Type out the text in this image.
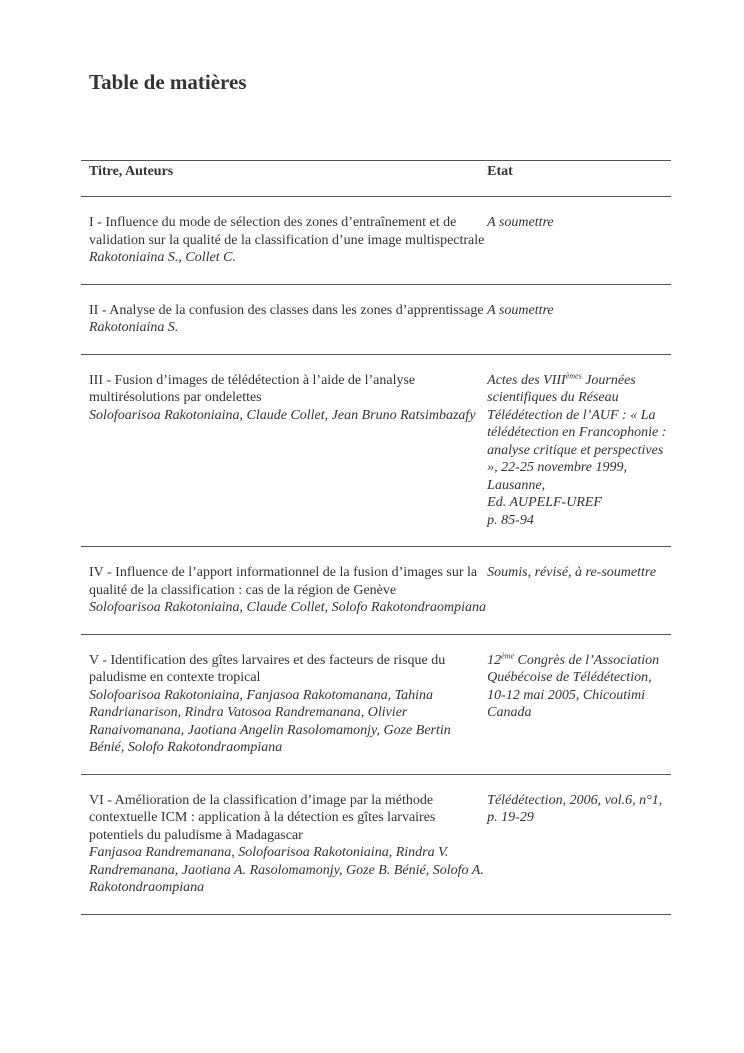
Table de matières
Titre, Auteurs	Etat

I - Influence du mode de sélection des zones d’entraînement et de validation sur la qualité de la classification d’une image multispectrale
Rakotoniaina S., Collet C.	A soumettre

II - Analyse de la confusion des classes dans les zones d’apprentissage
Rakotoniaina S.	A soumettre

III - Fusion d’images de télédétection à l’aide de l’analyse multirésolutions par ondelettes
Solofoarisoa Rakotoniaina, Claude Collet, Jean Bruno Ratsimbazafy	Actes des VIIIèmes Journées scientifiques du Réseau Télédétection de l’AUF : « La télédétection en Francophonie : analyse critique et perspectives », 22-25 novembre 1999, Lausanne,
Ed. AUPELF-UREF
p. 85-94

IV - Influence de l’apport informationnel de la fusion d’images sur la qualité de la classification : cas de la région de Genève
Solofoarisoa Rakotoniaina, Claude Collet, Solofo Rakotondraompiana	Soumis, révisé, à re-soumettre

V - Identification des gîtes larvaires et des facteurs de risque du paludisme en contexte tropical
Solofoarisoa Rakotoniaina, Fanjasoa Rakotomanana, Tahina Randrianarison, Rindra Vatosoa Randremanana, Olivier Ranaivomanana, Jaotiana Angelin Rasolomamonjy, Goze Bertin Bénié, Solofo Rakotondraompiana	12ème Congrès de l’Association Québécoise de Télédétection, 10-12 mai 2005, Chicoutimi Canada

VI - Amélioration de la classification d’image par la méthode contextuelle ICM : application à la détection es gîtes larvaires potentiels du paludisme à Madagascar
Fanjasoa Randremanana, Solofoarisoa Rakotoniaina, Rindra V. Randremanana, Jaotiana A. Rasolomamonjy, Goze B. Bénié, Solofo A. Rakotondraompiana	Télédétection, 2006, vol.6, n°1, p. 19-29
